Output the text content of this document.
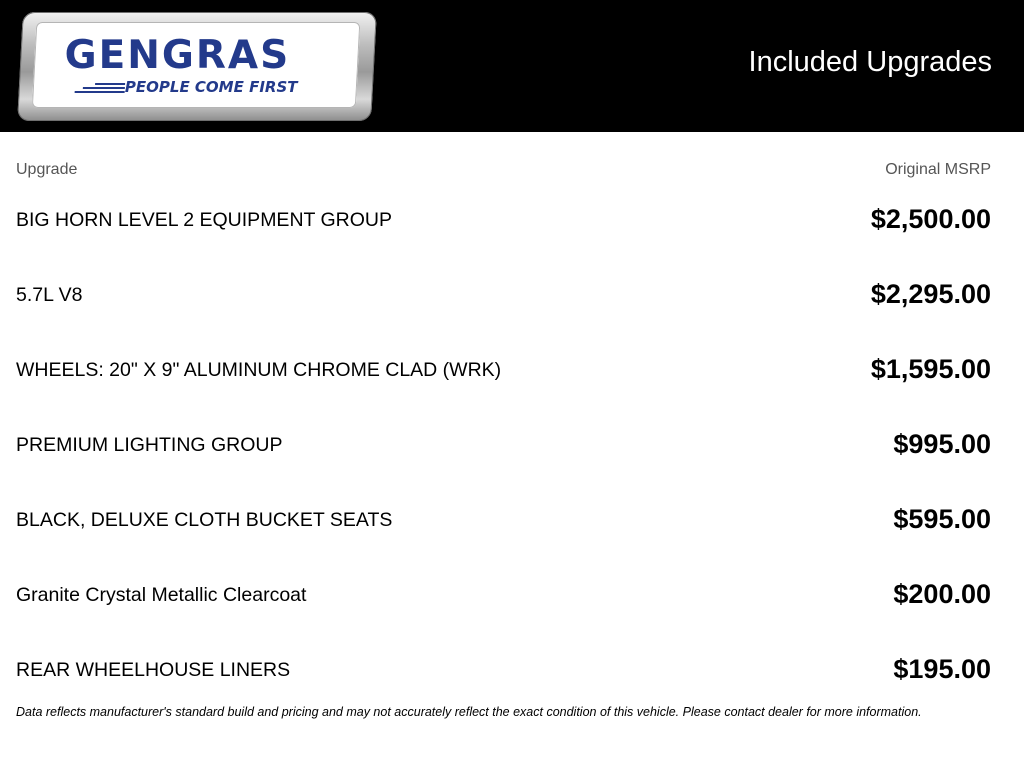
GENGRAS
PEOPLE COME FIRST
Included Upgrades
Upgrade	Original MSRP
BIG HORN LEVEL 2 EQUIPMENT GROUP	$2,500.00
5.7L V8	$2,295.00
WHEELS: 20" X 9" ALUMINUM CHROME CLAD (WRK)	$1,595.00
PREMIUM LIGHTING GROUP	$995.00
BLACK, DELUXE CLOTH BUCKET SEATS	$595.00
Granite Crystal Metallic Clearcoat	$200.00
REAR WHEELHOUSE LINERS	$195.00
Data reflects manufacturer's standard build and pricing and may not accurately reflect the exact condition of this vehicle. Please contact dealer for more information.
